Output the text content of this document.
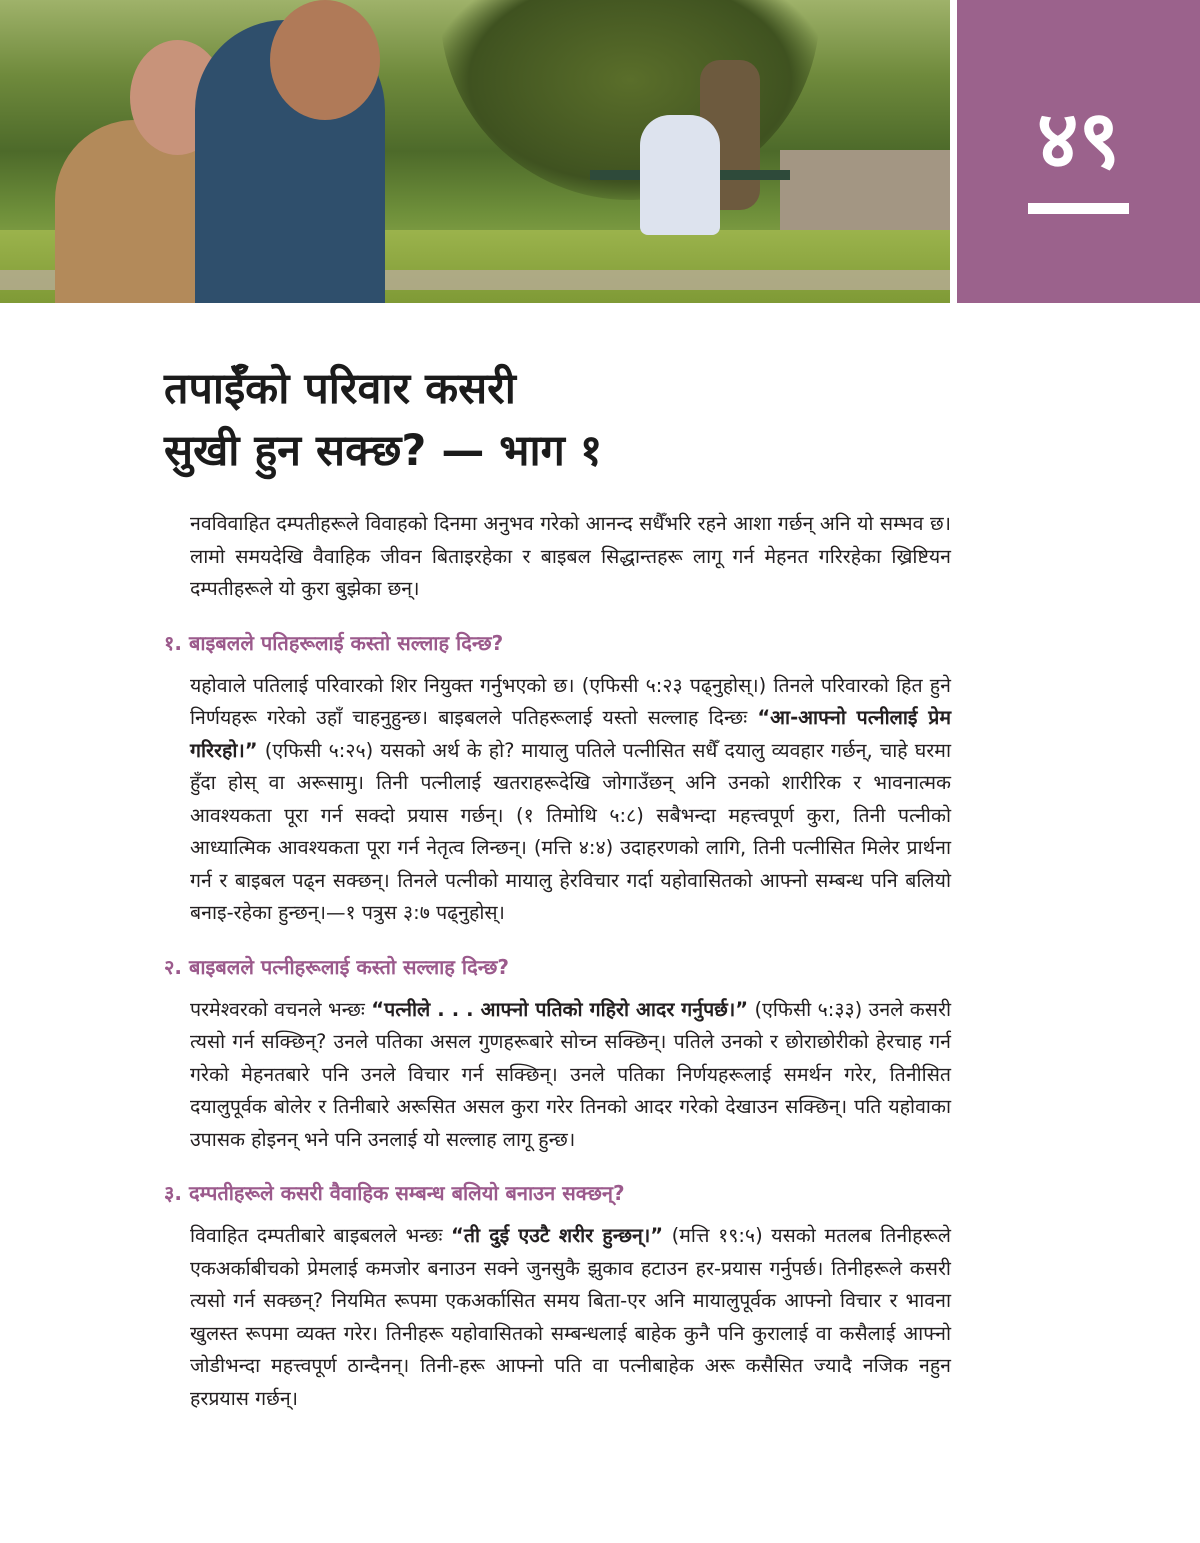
४९
तपाईँको परिवार कसरी
सुखी हुन सक्छ? — भाग १

नवविवाहित दम्पतीहरूले विवाहको दिनमा अनुभव गरेको आनन्द सधैँभरि रहने आशा गर्छन् अनि यो सम्भव छ। लामो समयदेखि वैवाहिक जीवन बिताइरहेका र बाइबल सिद्धान्तहरू लागू गर्न मेहनत गरिरहेका ख्रिष्टियन दम्पतीहरूले यो कुरा बुझेका छन्।

१. बाइबलले पतिहरूलाई कस्तो सल्लाह दिन्छ?

यहोवाले पतिलाई परिवारको शिर नियुक्त गर्नुभएको छ। (एफिसी ५:२३ पढ्नुहोस्।) तिनले परिवारको हित हुने निर्णयहरू गरेको उहाँ चाहनुहुन्छ। बाइबलले पतिहरूलाई यस्तो सल्लाह दिन्छः “आ-आफ्नो पत्नीलाई प्रेम गरिरहो।” (एफिसी ५:२५) यसको अर्थ के हो? मायालु पतिले पत्नीसित सधैँ दयालु व्यवहार गर्छन्, चाहे घरमा हुँदा होस् वा अरूसामु। तिनी पत्नीलाई खतराहरूदेखि जोगाउँछन् अनि उनको शारीरिक र भावनात्मक आवश्यकता पूरा गर्न सक्दो प्रयास गर्छन्। (१ तिमोथि ५:८) सबैभन्दा महत्त्वपूर्ण कुरा, तिनी पत्नीको आध्यात्मिक आवश्यकता पूरा गर्न नेतृत्व लिन्छन्। (मत्ति ४:४) उदाहरणको लागि, तिनी पत्नीसित मिलेर प्रार्थना गर्न र बाइबल पढ्न सक्छन्। तिनले पत्नीको मायालु हेरविचार गर्दा यहोवासितको आफ्नो सम्बन्ध पनि बलियो बनाइ-रहेका हुन्छन्।—१ पत्रुस ३:७ पढ्नुहोस्।

२. बाइबलले पत्नीहरूलाई कस्तो सल्लाह दिन्छ?

परमेश्वरको वचनले भन्छः “पत्नीले . . . आफ्नो पतिको गहिरो आदर गर्नुपर्छ।” (एफिसी ५:३३) उनले कसरी त्यसो गर्न सक्छिन्? उनले पतिका असल गुणहरूबारे सोच्न सक्छिन्। पतिले उनको र छोराछोरीको हेरचाह गर्न गरेको मेहनतबारे पनि उनले विचार गर्न सक्छिन्। उनले पतिका निर्णयहरूलाई समर्थन गरेर, तिनीसित दयालुपूर्वक बोलेर र तिनीबारे अरूसित असल कुरा गरेर तिनको आदर गरेको देखाउन सक्छिन्। पति यहोवाका उपासक होइनन् भने पनि उनलाई यो सल्लाह लागू हुन्छ।

३. दम्पतीहरूले कसरी वैवाहिक सम्बन्ध बलियो बनाउन सक्छन्?

विवाहित दम्पतीबारे बाइबलले भन्छः “ती दुई एउटै शरीर हुन्छन्।” (मत्ति १९:५) यसको मतलब तिनीहरूले एकअर्काबीचको प्रेमलाई कमजोर बनाउन सक्ने जुनसुकै झुकाव हटाउन हर-प्रयास गर्नुपर्छ। तिनीहरूले कसरी त्यसो गर्न सक्छन्? नियमित रूपमा एकअर्कासित समय बिता-एर अनि मायालुपूर्वक आफ्नो विचार र भावना खुलस्त रूपमा व्यक्त गरेर। तिनीहरू यहोवासितको सम्बन्धलाई बाहेक कुनै पनि कुरालाई वा कसैलाई आफ्नो जोडीभन्दा महत्त्वपूर्ण ठान्दैनन्। तिनी-हरू आफ्नो पति वा पत्नीबाहेक अरू कसैसित ज्यादै नजिक नहुन हरप्रयास गर्छन्।
